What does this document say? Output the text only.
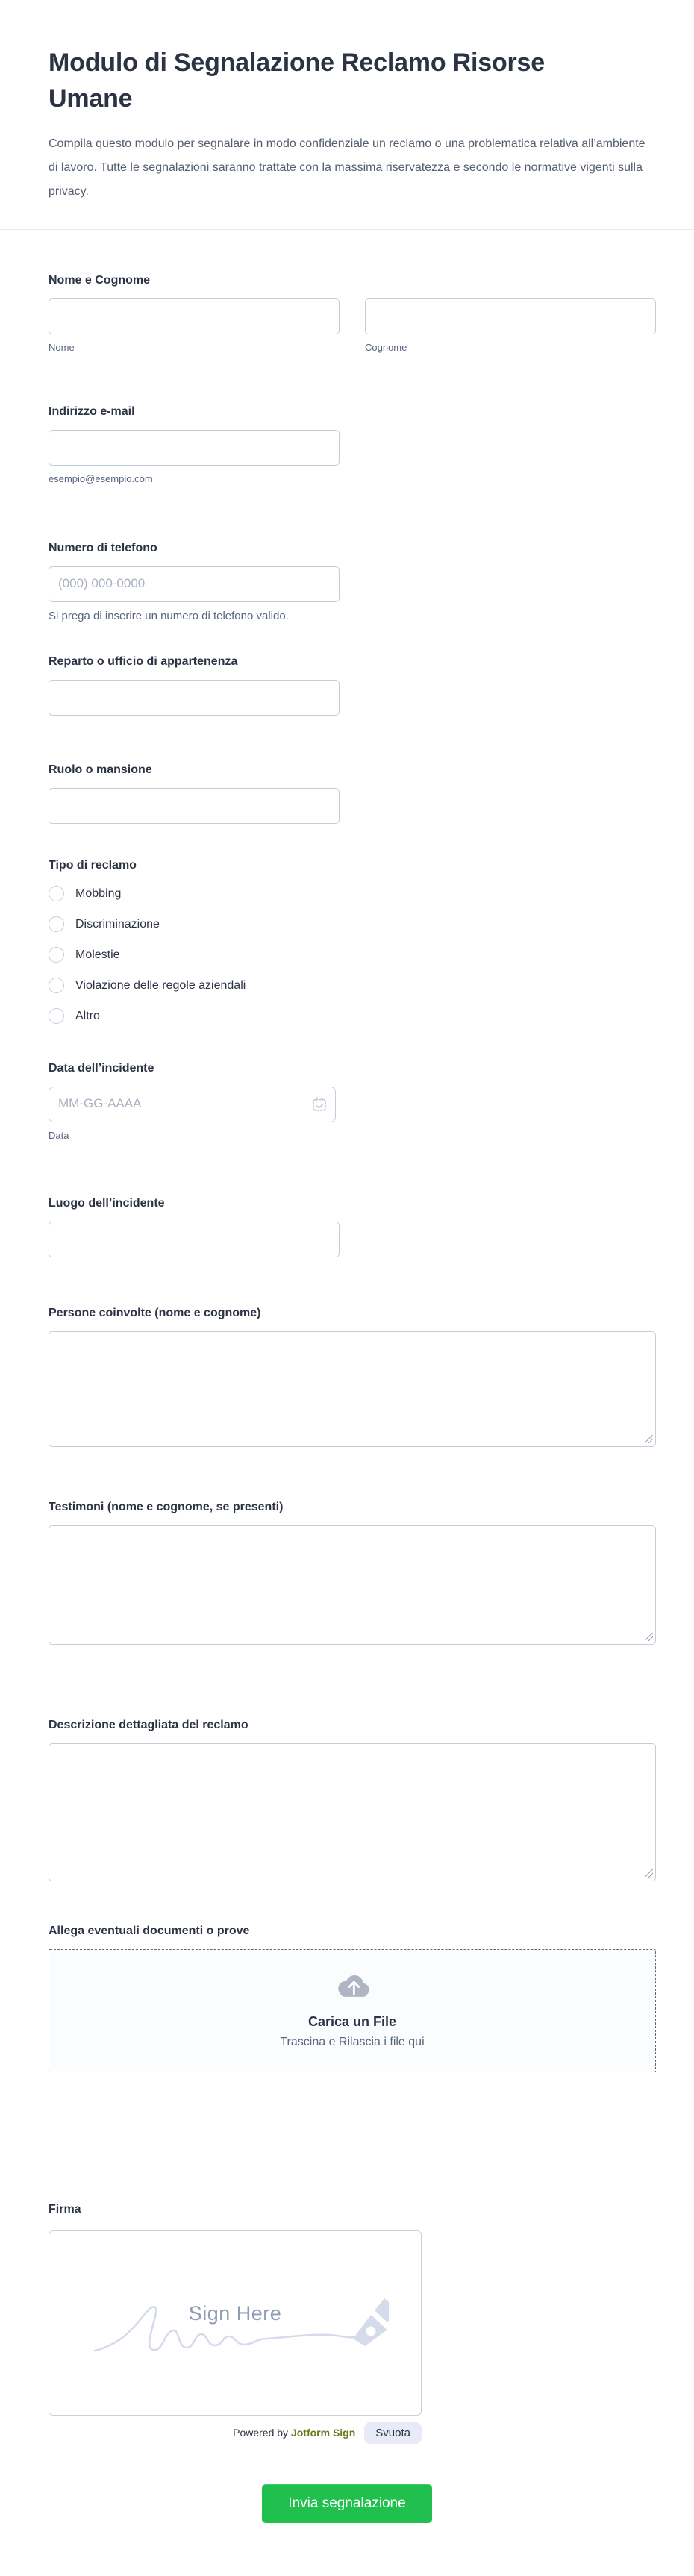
Modulo di Segnalazione Reclamo Risorse Umane

Compila questo modulo per segnalare in modo confidenziale un reclamo o una problematica relativa all’ambiente di lavoro. Tutte le segnalazioni saranno trattate con la massima riservatezza e secondo le normative vigenti sulla privacy.

Nome e Cognome
Nome	Cognome
Indirizzo e-mail
esempio@esempio.com
Numero di telefono
(000) 000-0000
Si prega di inserire un numero di telefono valido.
Reparto o ufficio di appartenenza
Ruolo o mansione
Tipo di reclamo
Mobbing
Discriminazione
Molestie
Violazione delle regole aziendali
Altro
Data dell’incidente
MM-GG-AAAA
Data
Luogo dell’incidente
Persone coinvolte (nome e cognome)
Testimoni (nome e cognome, se presenti)
Descrizione dettagliata del reclamo
Allega eventuali documenti o prove
Carica un File
Trascina e Rilascia i file qui
Firma
Sign Here
Powered by Jotform Sign	Svuota
Invia segnalazione
